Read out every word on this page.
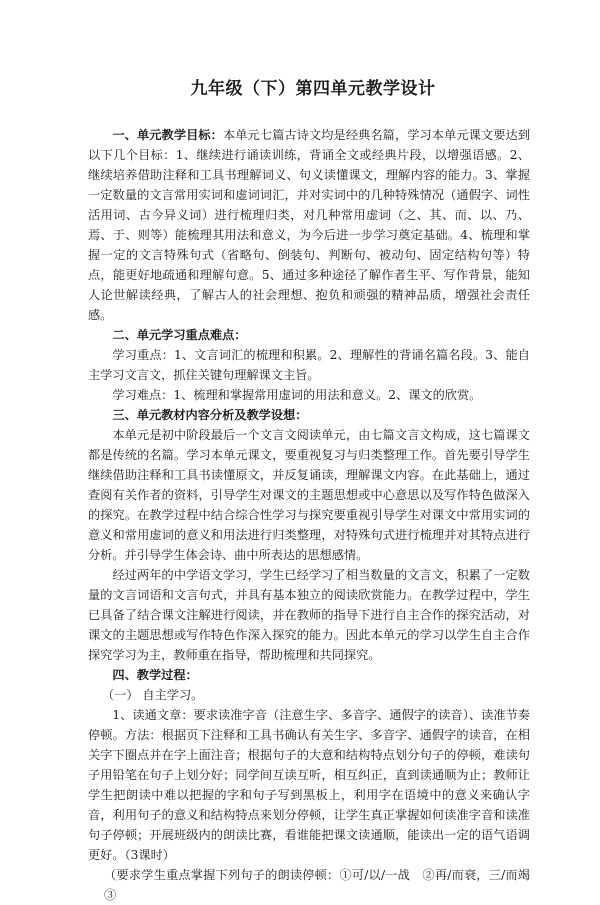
九年级（下）第四单元教学设计

一、单元教学目标：本单元七篇古诗文均是经典名篇，学习本单元课文要达到以下几个目标：1、继续进行诵读训练，背诵全文或经典片段，以增强语感。2、继续培养借助注释和工具书理解词义、句义读懂课文，理解内容的能力。3、掌握一定数量的文言常用实词和虚词词汇，并对实词中的几种特殊情况（通假字、词性活用词、古今异义词）进行梳理归类，对几种常用虚词（之、其、而、以、乃、焉、于、则等）能梳理其用法和意义，为今后进一步学习奠定基础。4、梳理和掌握一定的文言特殊句式（省略句、倒装句、判断句、被动句、固定结构句等）特点，能更好地疏通和理解句意。5、通过多种途径了解作者生平、写作背景，能知人论世解读经典，了解古人的社会理想、抱负和顽强的精神品质，增强社会责任感。

二、单元学习重点难点：

学习重点：1、文言词汇的梳理和积累。2、理解性的背诵名篇名段。3、能自主学习文言文，抓住关键句理解课文主旨。

学习难点：1、梳理和掌握常用虚词的用法和意义。2、课文的欣赏。

三、单元教材内容分析及教学设想：

本单元是初中阶段最后一个文言文阅读单元，由七篇文言文构成，这七篇课文都是传统的名篇。学习本单元课文，要重视复习与归类整理工作。首先要引导学生继续借助注释和工具书读懂原文，并反复诵读，理解课文内容。在此基础上，通过查阅有关作者的资料，引导学生对课文的主题思想或中心意思以及写作特色做深入的探究。在教学过程中结合综合性学习与探究要重视引导学生对课文中常用实词的意义和常用虚词的意义和用法进行归类整理，对特殊句式进行梳理并对其特点进行分析。并引导学生体会诗、曲中所表达的思想感情。

经过两年的中学语文学习，学生已经学习了相当数量的文言文，积累了一定数量的文言词语和文言句式，并具有基本独立的阅读欣赏能力。在教学过程中，学生已具备了结合课文注解进行阅读，并在教师的指导下进行自主合作的探究活动，对课文的主题思想或写作特色作深入探究的能力。因此本单元的学习以学生自主合作探究学习为主，教师重在指导，帮助梳理和共同探究。

四、教学过程：

（一） 自主学习。

1、读通文章：要求读准字音（注意生字、多音字、通假字的读音）、读准节奏停顿。方法：根据页下注释和工具书确认有关生字、多音字、通假字的读音，在相关字下圈点并在字上面注音；根据句子的大意和结构特点划分句子的停顿，难读句子用铅笔在句子上划分好；同学间互读互听，相互纠正，直到读通顺为止；教师让学生把朗读中难以把握的字和句子写到黑板上，利用字在语境中的意义来确认字音，利用句子的意义和结构特点来划分停顿，让学生真正掌握如何读准字音和读准句子停顿；开展班级内的朗读比赛，看谁能把课文读通顺，能读出一定的语气语调更好。（3课时）

（要求学生重点掌握下列句子的朗读停顿：①可/以/一战　②再/而衰，三/而竭　③
